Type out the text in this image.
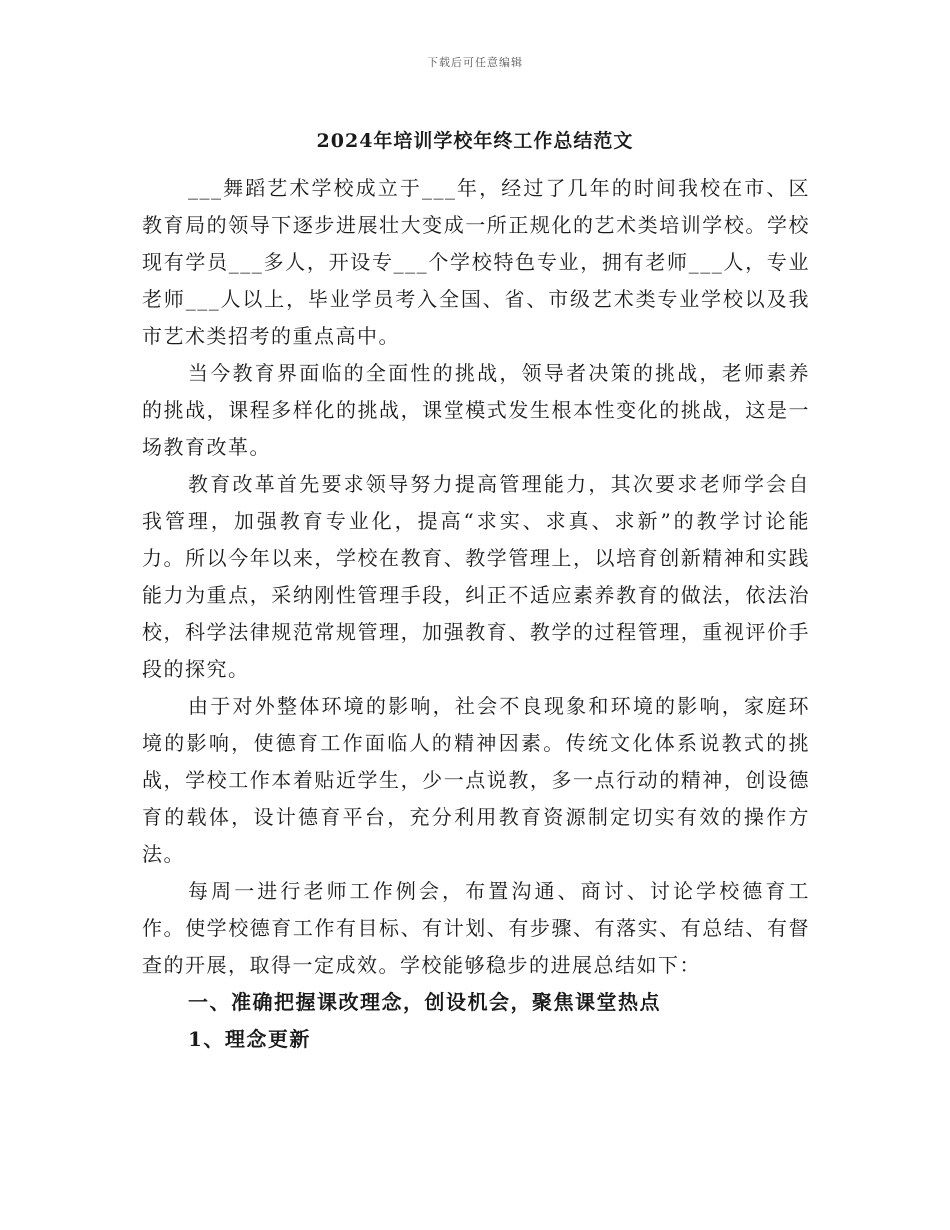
下载后可任意编辑
2024年培训学校年终工作总结范文

___舞蹈艺术学校成立于___年，经过了几年的时间我校在市、区教育局的领导下逐步进展壮大变成一所正规化的艺术类培训学校。学校现有学员___多人，开设专___个学校特色专业，拥有老师___人，专业老师___人以上，毕业学员考入全国、省、市级艺术类专业学校以及我市艺术类招考的重点高中。

当今教育界面临的全面性的挑战，领导者决策的挑战，老师素养的挑战，课程多样化的挑战，课堂模式发生根本性变化的挑战，这是一场教育改革。

教育改革首先要求领导努力提高管理能力，其次要求老师学会自我管理，加强教育专业化，提高“求实、求真、求新”的教学讨论能力。所以今年以来，学校在教育、教学管理上，以培育创新精神和实践能力为重点，采纳刚性管理手段，纠正不适应素养教育的做法，依法治校，科学法律规范常规管理，加强教育、教学的过程管理，重视评价手段的探究。

由于对外整体环境的影响，社会不良现象和环境的影响，家庭环境的影响，使德育工作面临人的精神因素。传统文化体系说教式的挑战，学校工作本着贴近学生，少一点说教，多一点行动的精神，创设德育的载体，设计德育平台，充分利用教育资源制定切实有效的操作方法。

每周一进行老师工作例会，布置沟通、商讨、讨论学校德育工作。使学校德育工作有目标、有计划、有步骤、有落实、有总结、有督查的开展，取得一定成效。学校能够稳步的进展总结如下：

一、准确把握课改理念，创设机会，聚焦课堂热点
1、理念更新
